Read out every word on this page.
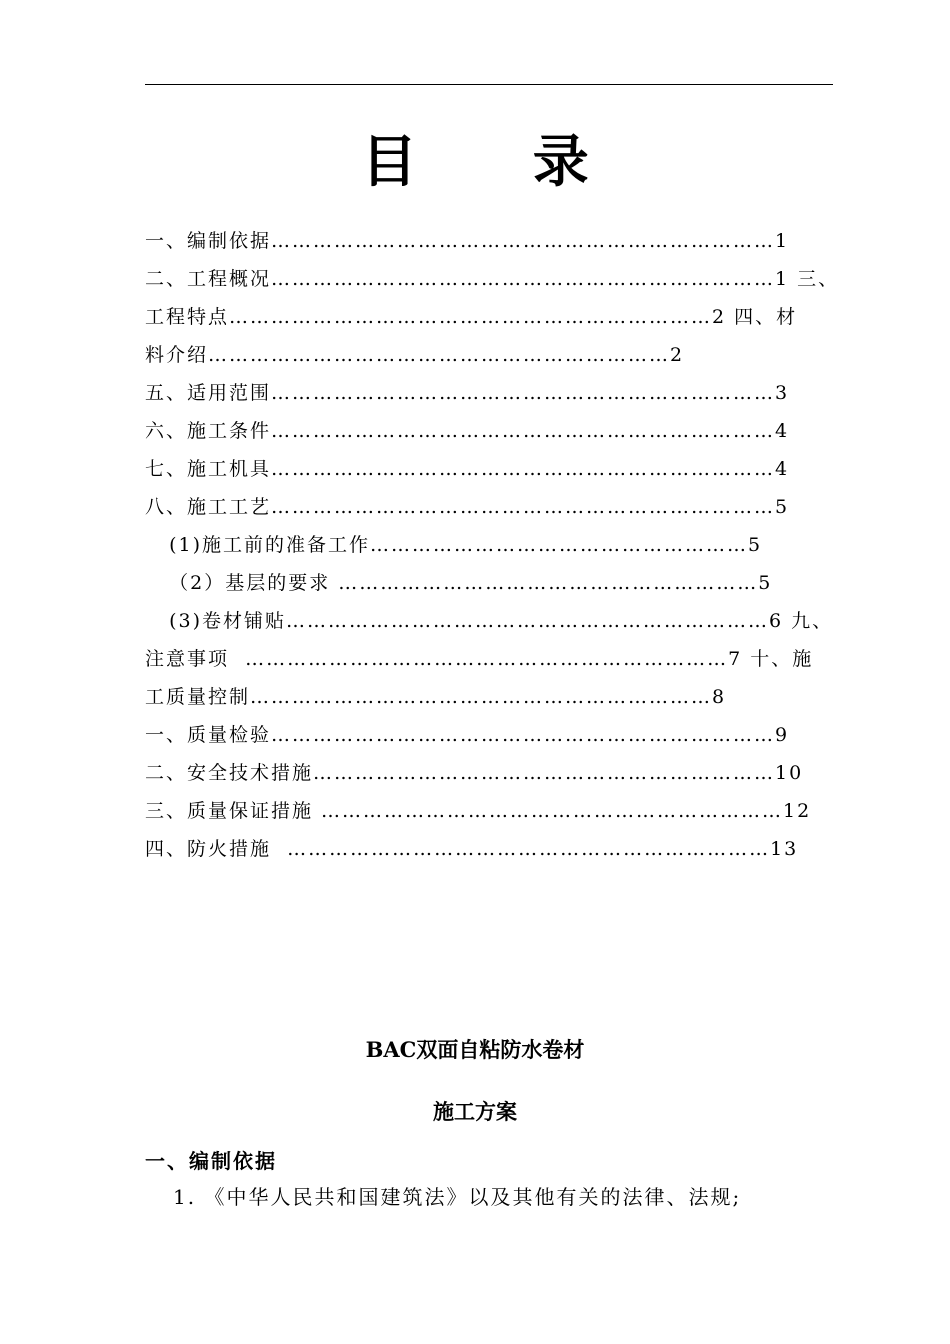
目 录
一、编制依据………………………………………………………………1
二、工程概况………………………………………………………………1 三、
工程特点……………………………………………………………2 四、材
料介绍…………………………………………………………2
五、适用范围………………………………………………………………3
六、施工条件………………………………………………………………4
七、施工机具………………………………………………………………4
八、施工工艺………………………………………………………………5
(1)施工前的准备工作………………………………………………5
（2）基层的要求 ……………………………………………………5
(3)卷材铺贴……………………………………………………………6 九、
注意事项  ……………………………………………………………7 十、施
工质量控制…………………………………………………………8
一、质量检验………………………………………………………………9
二、安全技术措施…………………………………………………………10
三、质量保证措施 …………………………………………………………12
四、防火措施  ……………………………………………………………13
BAC双面自粘防水卷材
施工方案
一、编制依据
1. 《中华人民共和国建筑法》以及其他有关的法律、法规;
